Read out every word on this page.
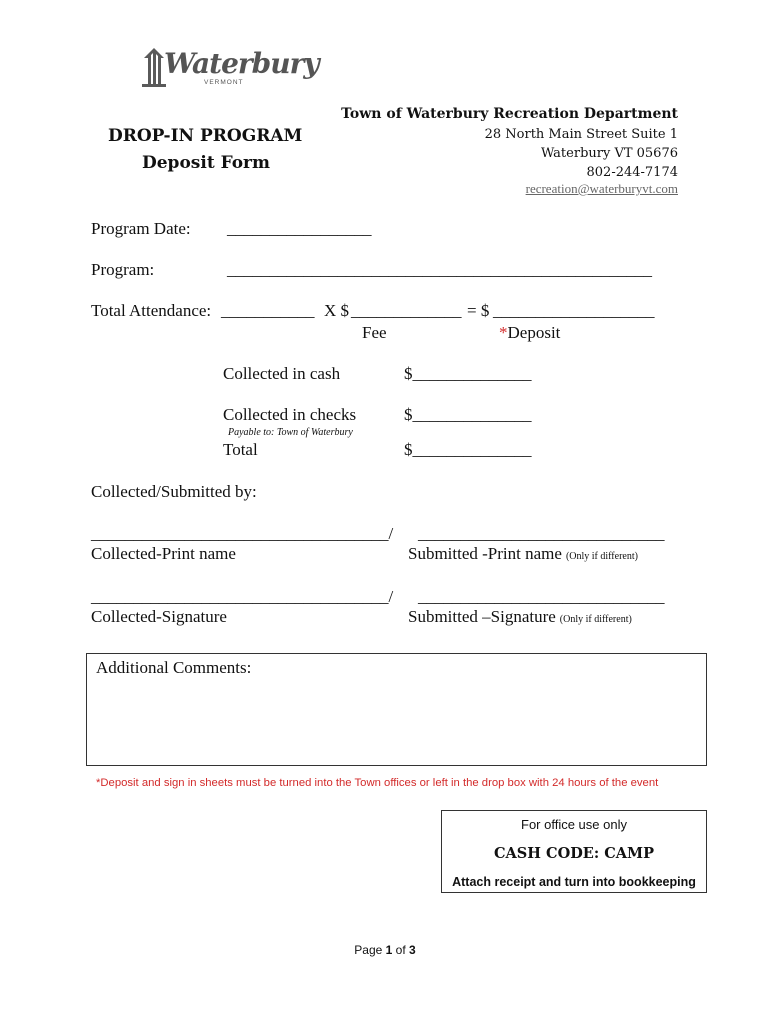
Waterbury
VERMONT
DROP-IN PROGRAM
Deposit Form
Town of Waterbury Recreation Department
28 North Main Street Suite 1
Waterbury VT 05676
802-244-7174
recreation@waterburyvt.com
Program Date: _________________
Program:	__________________________________________________
Total Attendance: ___________ X $ _____________ = $ ___________________
Fee	*Deposit
Collected in cash	$______________
Collected in checks	$______________
Payable to: Town of Waterbury
Total	$______________
Collected/Submitted by:
___________________________________/ _____________________________
Collected-Print name	Submitted -Print name (Only if different)
___________________________________/ _____________________________
Collected-Signature	Submitted –Signature (Only if different)
Additional Comments:
*Deposit and sign in sheets must be turned into the Town offices or left in the drop box with 24 hours of the event
For office use only
CASH CODE: CAMP
Attach receipt and turn into bookkeeping
Page 1 of 3
